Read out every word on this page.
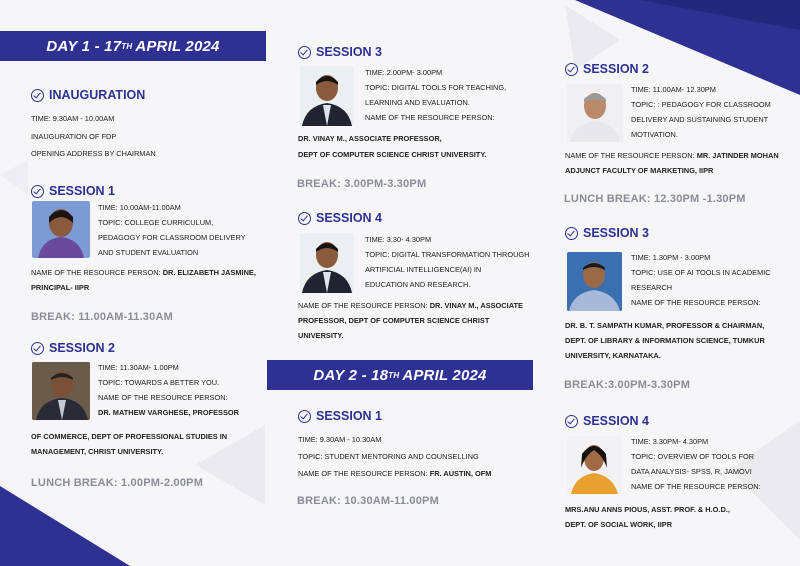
DAY 1 - 17 TH APRIL 2024
INAUGURATION
TIME: 9.30AM - 10.00AM
INAUGURATION OF FDP
OPENING ADDRESS BY CHAIRMAN
SESSION 1
TIME: 10.00AM-11.00AM
TOPIC: COLLEGE CURRICULUM,
PEDAGOGY FOR CLASSROOM DELIVERY
AND STUDENT EVALUATION
NAME OF THE RESOURCE PERSON: DR. ELIZABETH JASMINE,
PRINCIPAL- IIPR
BREAK: 11.00AM-11.30AM
SESSION 2
TIME: 11.30AM- 1.00PM
TOPIC: TOWARDS A BETTER YOU.
NAME OF THE RESOURCE PERSON:
DR. MATHEW VARGHESE, PROFESSOR
OF COMMERCE, DEPT OF PROFESSIONAL STUDIES IN
MANAGEMENT, CHRIST UNIVERSITY.
LUNCH BREAK: 1.00PM-2.00PM
SESSION 3
TIME: 2.00PM- 3.00PM
TOPIC: DIGITAL TOOLS FOR TEACHING,
LEARNING AND EVALUATION.
NAME OF THE RESOURCE PERSON:
DR. VINAY M., ASSOCIATE PROFESSOR,
DEPT OF COMPUTER SCIENCE CHRIST UNIVERSITY.
BREAK: 3.00PM-3.30PM
SESSION 4
TIME: 3.30- 4.30PM
TOPIC: DIGITAL TRANSFORMATION THROUGH
ARTIFICIAL INTELLIGENCE(AI) IN
EDUCATION AND RESEARCH.
NAME OF THE RESOURCE PERSON: DR. VINAY M., ASSOCIATE
PROFESSOR, DEPT OF COMPUTER SCIENCE CHRIST
UNIVERSITY.
DAY 2 - 18 TH APRIL 2024
SESSION 1
TIME: 9.30AM - 10.30AM
TOPIC: STUDENT MENTORING AND COUNSELLING
NAME OF THE RESOURCE PERSON: FR. AUSTIN, OFM
BREAK: 10.30AM-11.00PM
SESSION 2
TIME: 11.00AM- 12.30PM
TOPIC: : PEDAGOGY FOR CLASSROOM
DELIVERY AND SUSTAINING STUDENT
MOTIVATION.
NAME OF THE RESOURCE PERSON: MR. JATINDER MOHAN
ADJUNCT FACULTY OF MARKETING, IIPR
LUNCH BREAK: 12.30PM -1.30PM
SESSION 3
TIME: 1.30PM - 3.00PM
TOPIC: USE OF AI TOOLS IN ACADEMIC
RESEARCH
NAME OF THE RESOURCE PERSON:
DR. B. T. SAMPATH KUMAR, PROFESSOR & CHAIRMAN,
DEPT. OF LIBRARY & INFORMATION SCIENCE, TUMKUR
UNIVERSITY, KARNATAKA.
BREAK:3.00PM-3.30PM
SESSION 4
TIME: 3.30PM- 4.30PM
TOPIC: OVERVIEW OF TOOLS FOR
DATA ANALYSIS- SPSS, R, JAMOVI
NAME OF THE RESOURCE PERSON:
MRS.ANU ANNS PIOUS, ASST. PROF. & H.O.D.,
DEPT. OF SOCIAL WORK, IIPR
